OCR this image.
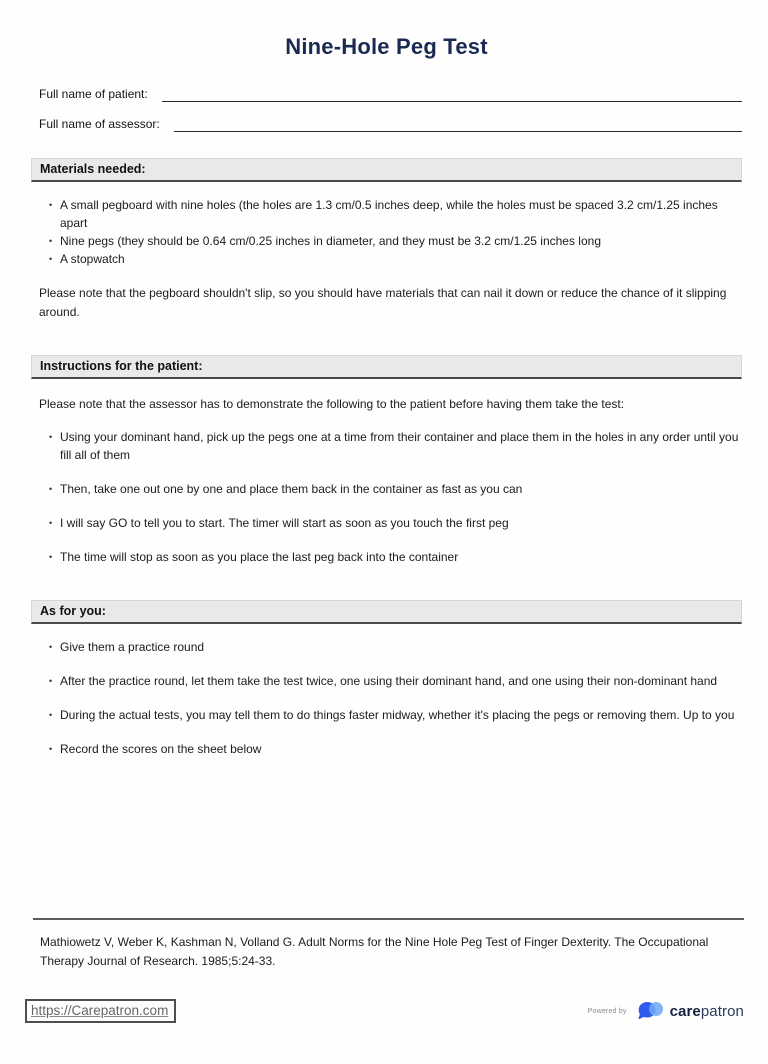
Nine-Hole Peg Test
Full name of patient:
Full name of assessor:
Materials needed:
• A small pegboard with nine holes (the holes are 1.3 cm/0.5 inches deep, while the holes must be spaced 3.2 cm/1.25 inches apart
• Nine pegs (they should be 0.64 cm/0.25 inches in diameter, and they must be 3.2 cm/1.25 inches long
• A stopwatch

Please note that the pegboard shouldn't slip, so you should have materials that can nail it down or reduce the chance of it slipping around.

Instructions for the patient:

Please note that the assessor has to demonstrate the following to the patient before having them take the test:

• Using your dominant hand, pick up the pegs one at a time from their container and place them in the holes in any order until you fill all of them
• Then, take one out one by one and place them back in the container as fast as you can
• I will say GO to tell you to start. The timer will start as soon as you touch the first peg
• The time will stop as soon as you place the last peg back into the container
As for you:
• Give them a practice round
• After the practice round, let them take the test twice, one using their dominant hand, and one using their non-dominant hand
• During the actual tests, you may tell them to do things faster midway, whether it's placing the pegs or removing them. Up to you
• Record the scores on the sheet below

Mathiowetz V, Weber K, Kashman N, Volland G. Adult Norms for the Nine Hole Peg Test of Finger Dexterity. The Occupational Therapy Journal of Research. 1985;5:24-33.

https://Carepatron.com	Powered by	carepatron
